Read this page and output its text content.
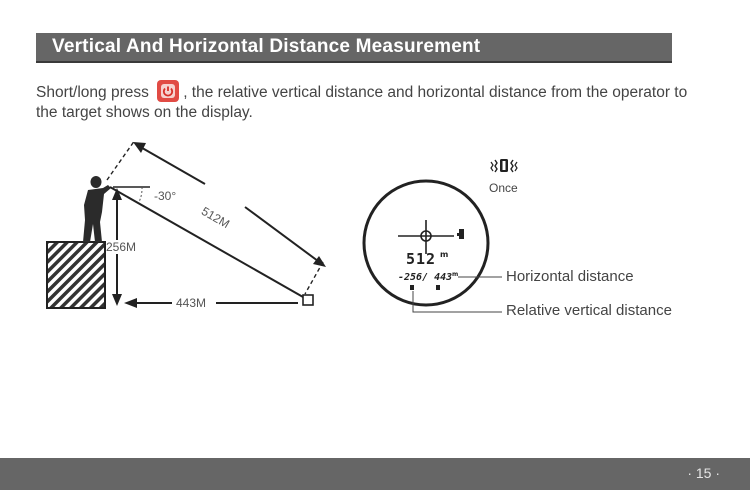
Vertical And Horizontal Distance Measurement
Short/long press , the relative vertical distance and horizontal distance from the operator to the target shows on the display.
512 m
-256/ 443 m
-30°
512M
256M
443M
Once
Horizontal distance
Relative vertical distance
· 15 ·
